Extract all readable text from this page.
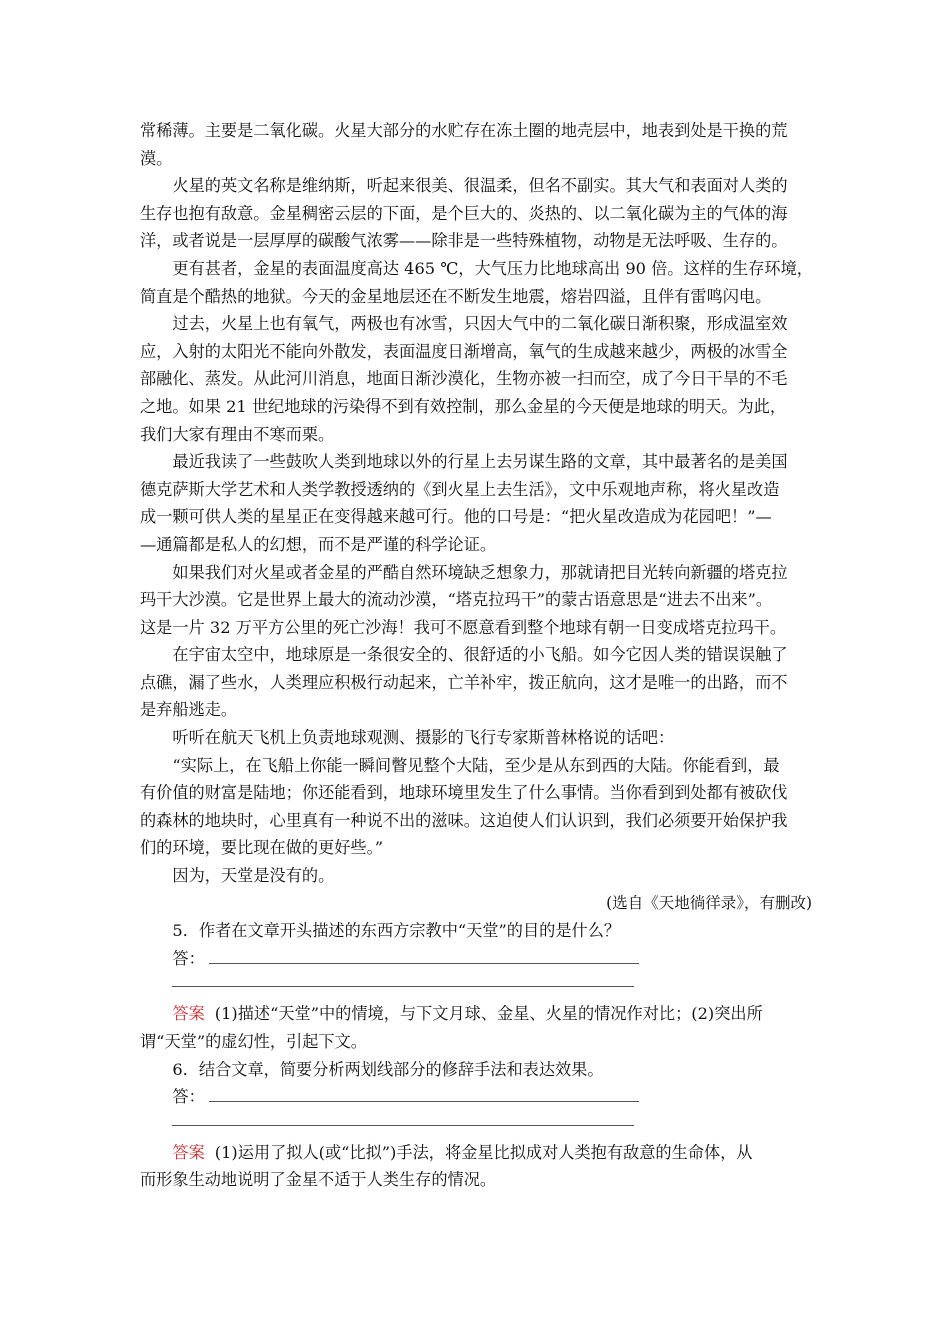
常稀薄。主要是二氧化碳。火星大部分的水贮存在冻土圈的地壳层中，地表到处是干换的荒

漠。

火星的英文名称是维纳斯，听起来很美、很温柔，但名不副实。其大气和表面对人类的

生存也抱有敌意。金星稠密云层的下面，是个巨大的、炎热的、以二氧化碳为主的气体的海

洋，或者说是一层厚厚的碳酸气浓雾——除非是一些特殊植物，动物是无法呼吸、生存的。

更有甚者，金星的表面温度高达 465 ℃，大气压力比地球高出 90 倍。这样的生存环境，

简直是个酷热的地狱。今天的金星地层还在不断发生地震，熔岩四溢，且伴有雷鸣闪电。

过去，火星上也有氧气，两极也有冰雪，只因大气中的二氧化碳日渐积聚，形成温室效

应，入射的太阳光不能向外散发，表面温度日渐增高，氧气的生成越来越少，两极的冰雪全

部融化、蒸发。从此河川消息，地面日渐沙漠化，生物亦被一扫而空，成了今日干旱的不毛

之地。如果 21 世纪地球的污染得不到有效控制，那么金星的今天便是地球的明天。为此，

我们大家有理由不寒而栗。

最近我读了一些鼓吹人类到地球以外的行星上去另谋生路的文章，其中最著名的是美国

德克萨斯大学艺术和人类学教授透纳的《到火星上去生活》，文中乐观地声称，将火星改造

成一颗可供人类的星星正在变得越来越可行。他的口号是：“把火星改造成为花园吧！”—

—通篇都是私人的幻想，而不是严谨的科学论证。

如果我们对火星或者金星的严酷自然环境缺乏想象力，那就请把目光转向新疆的塔克拉

玛干大沙漠。它是世界上最大的流动沙漠，“塔克拉玛干”的蒙古语意思是“进去不出来”。

这是一片 32 万平方公里的死亡沙海！我可不愿意看到整个地球有朝一日变成塔克拉玛干。

在宇宙太空中，地球原是一条很安全的、很舒适的小飞船。如今它因人类的错误误触了

点礁，漏了些水，人类理应积极行动起来，亡羊补牢，拨正航向，这才是唯一的出路，而不

是弃船逃走。

听听在航天飞机上负责地球观测、摄影的飞行专家斯普林格说的话吧：

“实际上，在飞船上你能一瞬间瞥见整个大陆，至少是从东到西的大陆。你能看到，最

有价值的财富是陆地；你还能看到，地球环境里发生了什么事情。当你看到到处都有被砍伐

的森林的地块时，心里真有一种说不出的滋味。这迫使人们认识到，我们必须要开始保护我

们的环境，要比现在做的更好些。”

因为，天堂是没有的。

(选自《天地徜徉录》，有删改)

5．作者在文章开头描述的东西方宗教中“天堂”的目的是什么？

答：

答案 (1)描述“天堂”中的情境，与下文月球、金星、火星的情况作对比；(2)突出所

谓“天堂”的虚幻性，引起下文。

6．结合文章，简要分析两划线部分的修辞手法和表达效果。

答：

答案 (1)运用了拟人(或“比拟”)手法，将金星比拟成对人类抱有敌意的生命体，从

而形象生动地说明了金星不适于人类生存的情况。
